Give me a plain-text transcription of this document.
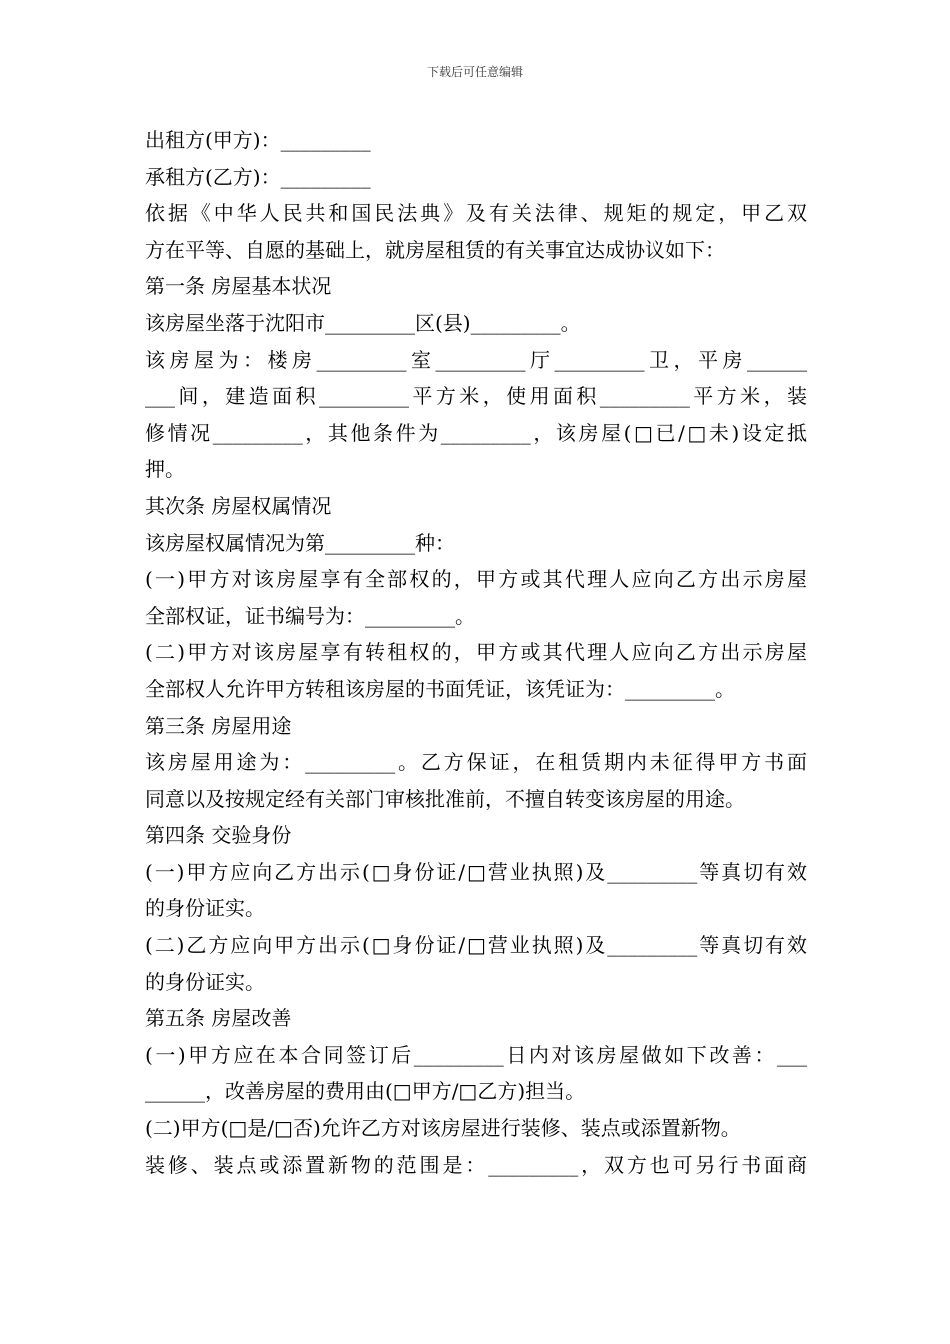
下载后可任意编辑
出租方(甲方)：_________
承租方(乙方)：_________
依据《中华人民共和国民法典》及有关法律、规矩的规定，甲乙双
方在平等、自愿的基础上，就房屋租赁的有关事宜达成协议如下：
第一条 房屋基本状况
该房屋坐落于沈阳市_________区(县)_________。
该房屋为：楼房_________室_________厅_________卫，平房______
___间，建造面积_________平方米，使用面积_________平方米，装
修情况_________，其他条件为_________，该房屋(□已/□未)设定抵
押。
其次条 房屋权属情况
该房屋权属情况为第_________种：
(一)甲方对该房屋享有全部权的，甲方或其代理人应向乙方出示房屋
全部权证，证书编号为：_________。
(二)甲方对该房屋享有转租权的，甲方或其代理人应向乙方出示房屋
全部权人允许甲方转租该房屋的书面凭证，该凭证为：_________。
第三条 房屋用途
该房屋用途为：_________。乙方保证，在租赁期内未征得甲方书面
同意以及按规定经有关部门审核批准前，不擅自转变该房屋的用途。
第四条 交验身份
(一)甲方应向乙方出示(□身份证/□营业执照)及_________等真切有效
的身份证实。
(二)乙方应向甲方出示(□身份证/□营业执照)及_________等真切有效
的身份证实。
第五条 房屋改善
(一)甲方应在本合同签订后_________日内对该房屋做如下改善：___
______，改善房屋的费用由(□甲方/□乙方)担当。
(二)甲方(□是/□否)允许乙方对该房屋进行装修、装点或添置新物。
装修、装点或添置新物的范围是：_________，双方也可另行书面商
